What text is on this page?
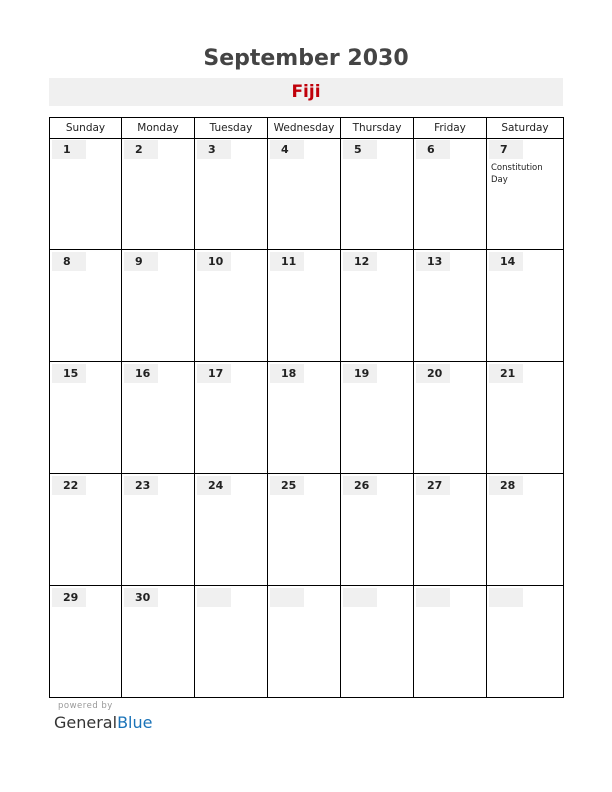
September 2030
Fiji
Sunday	Monday	Tuesday	Wednesday	Thursday	Friday	Saturday
1	2	3	4	5	6	7
Constitution Day
8	9	10	11	12	13	14
15	16	17	18	19	20	21
22	23	24	25	26	27	28
29	30
powered by
GeneralBlue
